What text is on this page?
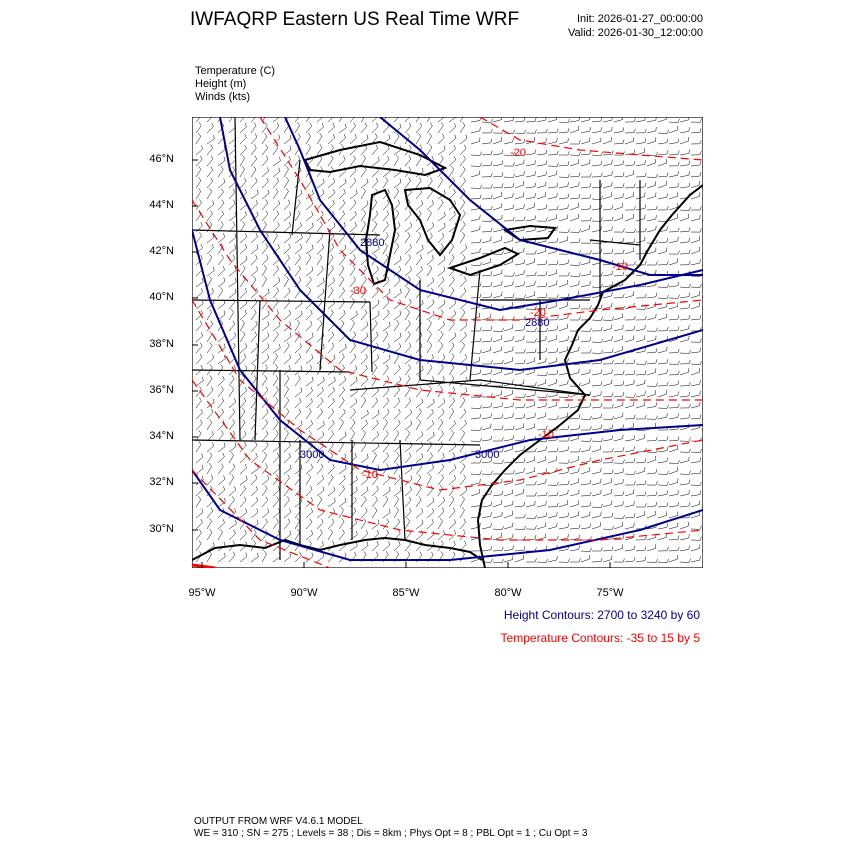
IWFAQRP Eastern US Real Time WRF	Init: 2026-01-27_00:00:00
Valid: 2026-01-30_12:00:00
Temperature (C)
Height (m)
Winds (kts)
2880
2880
3000	3000
-20
-30
-20
-10
-10
-10
46°N
44°N
42°N
40°N
38°N
36°N
34°N
32°N
30°N
95°W	90°W	85°W	80°W	75°W
Height Contours: 2700 to 3240 by 60
Temperature Contours: -35 to 15 by 5
OUTPUT FROM WRF V4.6.1 MODEL
WE = 310 ; SN = 275 ; Levels = 38 ; Dis = 8km ; Phys Opt = 8 ; PBL Opt = 1 ; Cu Opt = 3
